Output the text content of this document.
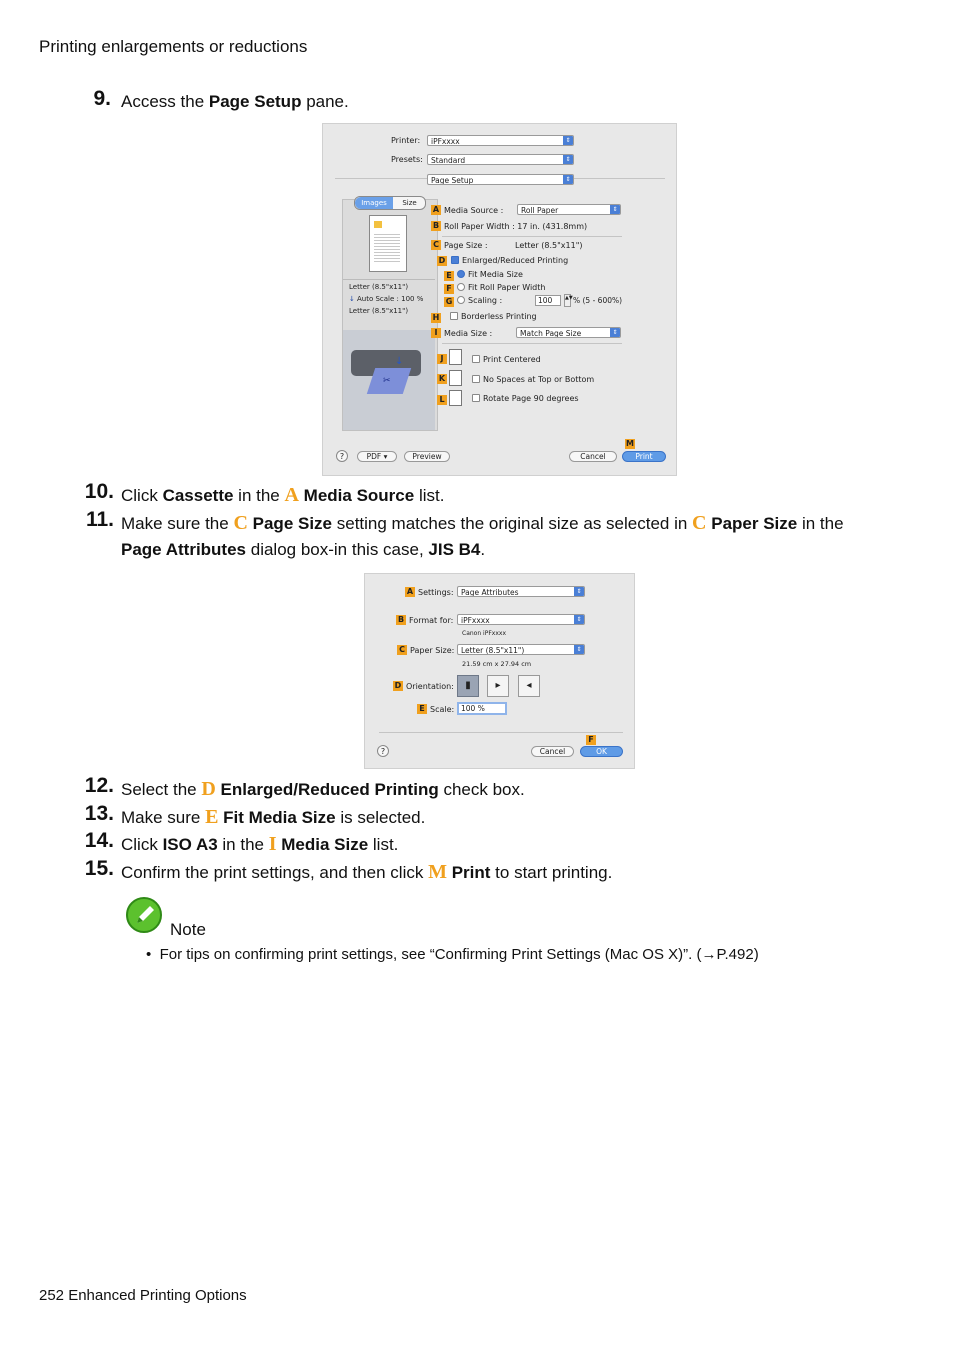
Printing enlargements or reductions
9. Access the Page Setup pane.
Printer:	iPFxxxx	⇕
Presets:	Standard	⇕
Page Setup	⇕
Images	Size
Letter (8.5"x11")
↓ Auto Scale : 100 %
Letter (8.5"x11")
✂
↓
A Media Source :	Roll Paper	⇕
B Roll Paper Width : 17 in. (431.8mm)
C Page Size :	Letter (8.5"x11")
D Enlarged/Reduced Printing
E Fit Media Size
F Fit Roll Paper Width
G Scaling :	100	▲▼ % (5 - 600%)
H	Borderless Printing
I Media Size :	Match Page Size	⇕
J	Print Centered
K	No Spaces at Top or Bottom
L	Rotate Page 90 degrees
M
?	PDF ▾	Preview	Cancel	Print
10. Click Cassette in the A Media Source list.
11. Make sure the C Page Size setting matches the original size as selected in C Paper Size in the
Page Attributes dialog box-in this case, JIS B4.
A Settings: Page Attributes	⇕
B Format for:	iPFxxxx	⇕
Canon iPFxxxx
C Paper Size: Letter (8.5"x11")	⇕
21.59 cm x 27.94 cm
D Orientation:	▮	▸	◂
E Scale: 100 %
F
?	Cancel	OK
12. Select the D Enlarged/Reduced Printing check box.
13. Make sure E Fit Media Size is selected.
14. Click ISO A3 in the I Media Size list.
15. Confirm the print settings, and then click M Print to start printing.
Note
•  For tips on confirming print settings, see “Confirming Print Settings (Mac OS X)”. (→P.492)
252 Enhanced Printing Options
